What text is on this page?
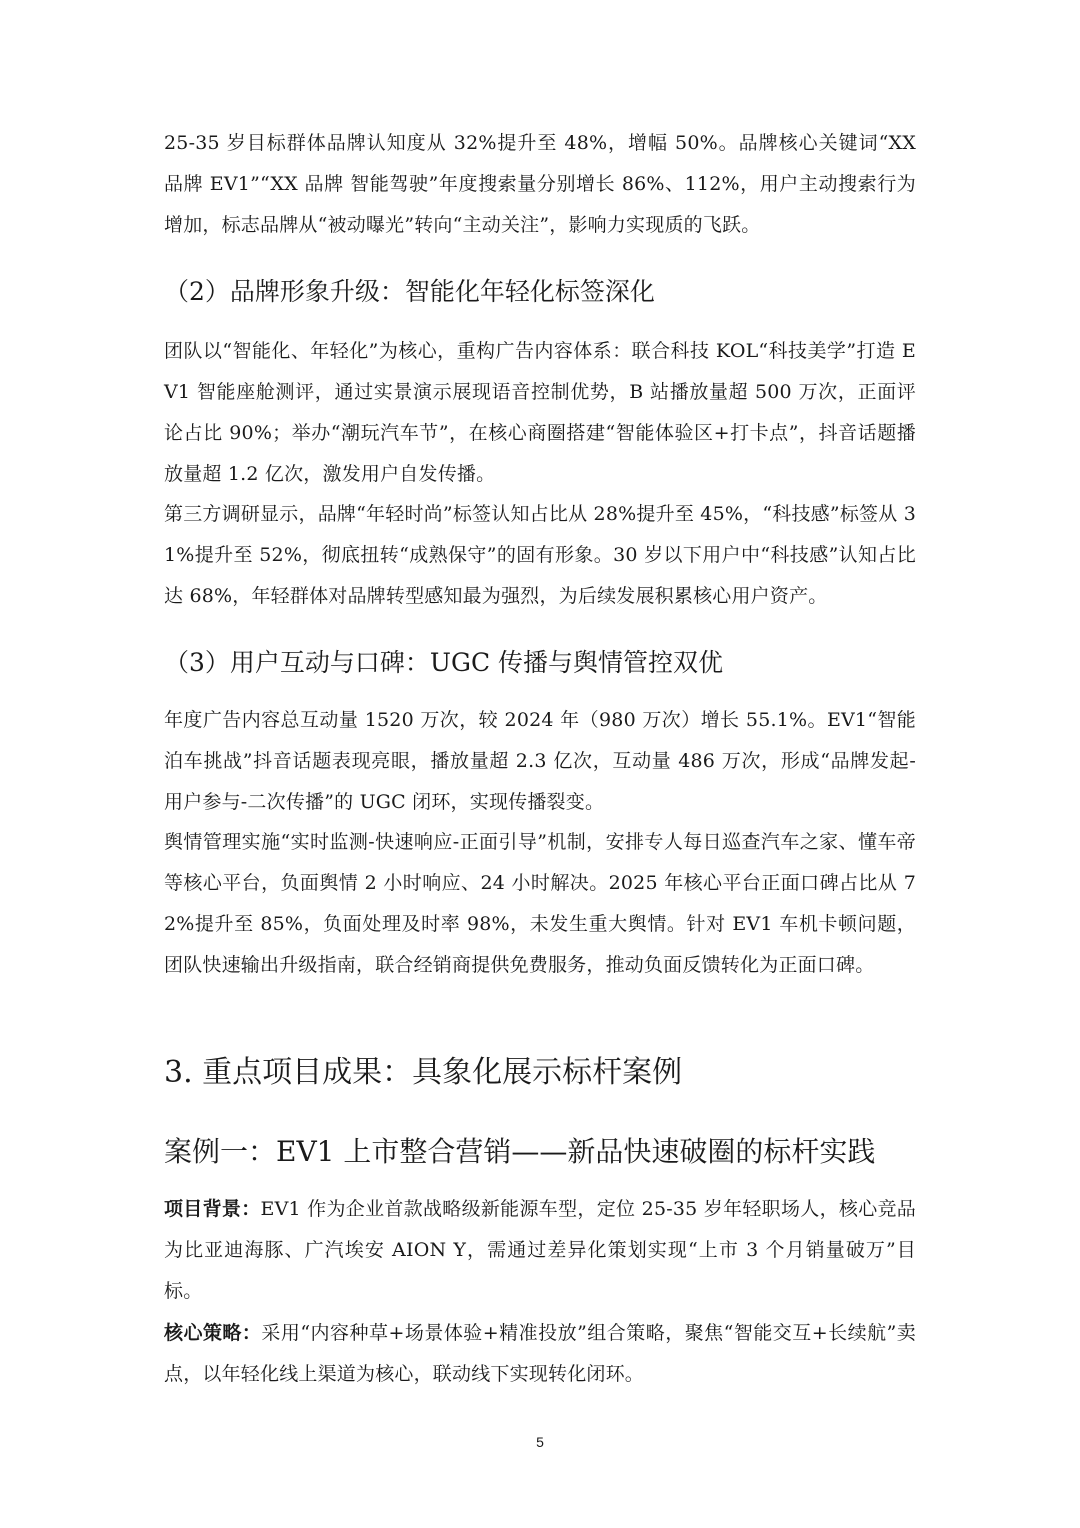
25-35 岁目标群体品牌认知度从 32%提升至 48%，增幅 50%。品牌核心关键词“XX 品牌 EV1”“XX 品牌 智能驾驶”年度搜索量分别增长 86%、112%，用户主动搜索行为增加，标志品牌从“被动曝光”转向“主动关注”，影响力实现质的飞跃。

（2）品牌形象升级：智能化年轻化标签深化

团队以“智能化、年轻化”为核心，重构广告内容体系：联合科技 KOL“科技美学”打造 EV1 智能座舱测评，通过实景演示展现语音控制优势，B 站播放量超 500 万次，正面评论占比 90%；举办“潮玩汽车节”，在核心商圈搭建“智能体验区+打卡点”，抖音话题播放量超 1.2 亿次，激发用户自发传播。

第三方调研显示，品牌“年轻时尚”标签认知占比从 28%提升至 45%，“科技感”标签从 31%提升至 52%，彻底扭转“成熟保守”的固有形象。30 岁以下用户中“科技感”认知占比达 68%，年轻群体对品牌转型感知最为强烈，为后续发展积累核心用户资产。

（3）用户互动与口碑：UGC 传播与舆情管控双优

年度广告内容总互动量 1520 万次，较 2024 年（980 万次）增长 55.1%。EV1“智能泊车挑战”抖音话题表现亮眼，播放量超 2.3 亿次，互动量 486 万次，形成“品牌发起-用户参与-二次传播”的 UGC 闭环，实现传播裂变。

舆情管理实施“实时监测-快速响应-正面引导”机制，安排专人每日巡查汽车之家、懂车帝等核心平台，负面舆情 2 小时响应、24 小时解决。2025 年核心平台正面口碑占比从 72%提升至 85%，负面处理及时率 98%，未发生重大舆情。针对 EV1 车机卡顿问题，团队快速输出升级指南，联合经销商提供免费服务，推动负面反馈转化为正面口碑。

3. 重点项目成果：具象化展示标杆案例
案例一：EV1 上市整合营销——新品快速破圈的标杆实践

项目背景：EV1 作为企业首款战略级新能源车型，定位 25-35 岁年轻职场人，核心竞品为比亚迪海豚、广汽埃安 AION Y，需通过差异化策划实现“上市 3 个月销量破万”目标。

核心策略：采用“内容种草+场景体验+精准投放”组合策略，聚焦“智能交互+长续航”卖点，以年轻化线上渠道为核心，联动线下实现转化闭环。

5
